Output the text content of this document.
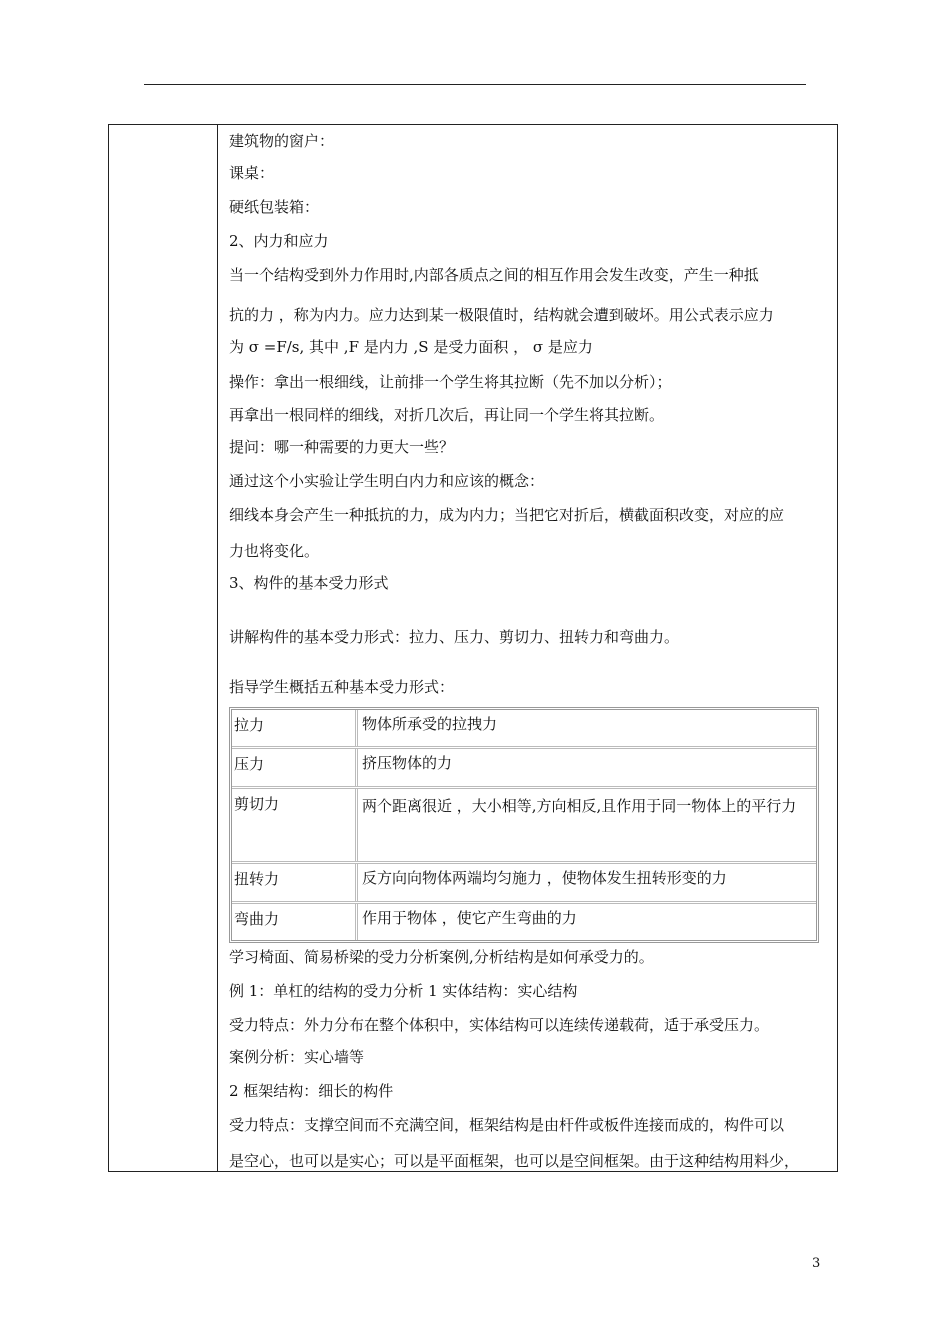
建筑物的窗户：
课桌：
硬纸包装箱：
2、内力和应力
当一个结构受到外力作用时,内部各质点之间的相互作用会发生改变，产生一种抵
抗的力 ，称为内力。应力达到某一极限值时，结构就会遭到破坏。用公式表示应力
为 σ =F/s, 其中 ,F 是内力 ,S 是受力面积 ， σ 是应力
操作：拿出一根细线，让前排一个学生将其拉断（先不加以分析）；
再拿出一根同样的细线，对折几次后，再让同一个学生将其拉断。
提问：哪一种需要的力更大一些？
通过这个小实验让学生明白内力和应该的概念：
细线本身会产生一种抵抗的力，成为内力；当把它对折后，横截面积改变，对应的应
力也将变化。
3、构件的基本受力形式
讲解构件的基本受力形式：拉力、压力、剪切力、扭转力和弯曲力。
指导学生概括五种基本受力形式：
拉力	物体所承受的拉拽力
压力	挤压物体的力
剪切力	两个距离很近 ，大小相等,方向相反,且作用于同一物体上的平行力
扭转力	反方向向物体两端均匀施力 ，使物体发生扭转形变的力
弯曲力	作用于物体 ，使它产生弯曲的力
学习椅面、简易桥梁的受力分析案例,分析结构是如何承受力的。
例 1：单杠的结构的受力分析 1 实体结构：实心结构
受力特点：外力分布在整个体积中，实体结构可以连续传递载荷，适于承受压力。
案例分析：实心墙等
2 框架结构：细长的构件
受力特点：支撑空间而不充满空间，框架结构是由杆件或板件连接而成的，构件可以
是空心，也可以是实心；可以是平面框架，也可以是空间框架。由于这种结构用料少，
3
